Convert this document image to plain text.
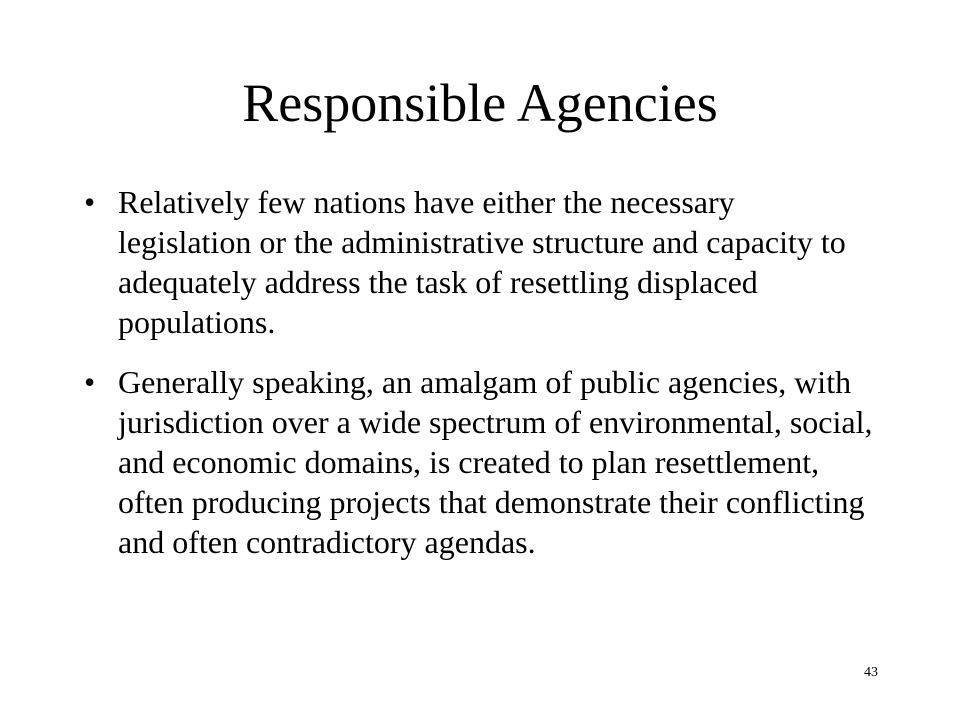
Responsible Agencies
• Relatively few nations have either the necessary legislation or the administrative structure and capacity to adequately address the task of resettling displaced populations.
• Generally speaking, an amalgam of public agencies, with jurisdiction over a wide spectrum of environmental, social, and economic domains, is created to plan resettlement, often producing projects that demonstrate their conflicting and often contradictory agendas.
43
